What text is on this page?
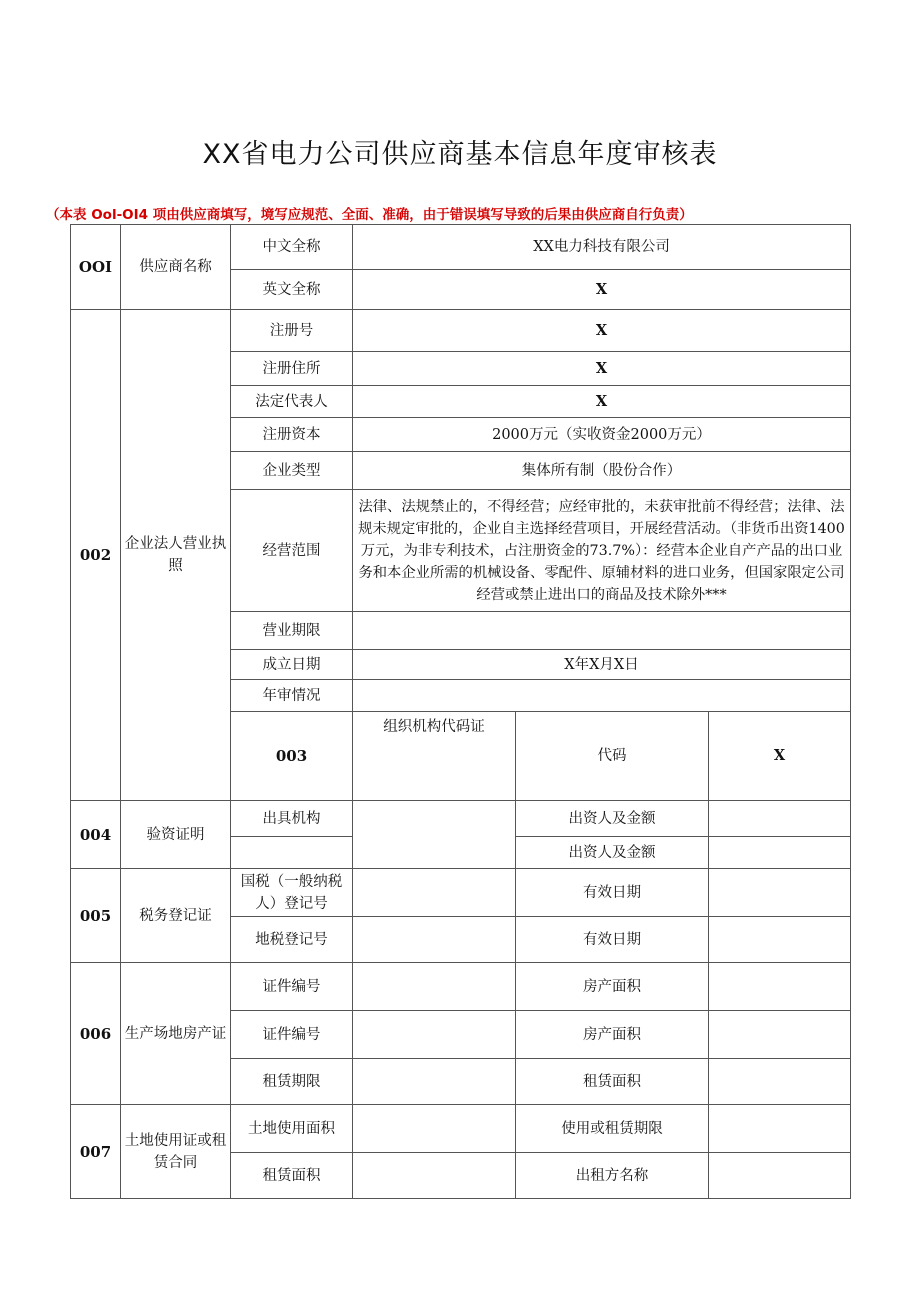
XX省电力公司供应商基本信息年度审核表
（本表 Ool-OI4 项由供应商填写，境写应规范、全面、准确，由于错误填写导致的后果由供应商自行负责）
OOI	供应商名称	中文全称	XX电力科技有限公司			
		英文全称	X			
002	企业法人营业执照	注册号	X			
		注册住所	X			
		法定代表人	X			
		注册资本	2000万元（实收资金2000万元）			
		企业类型	集体所有制（股份合作）			
		经营范围	法律、法规禁止的，不得经营；应经审批的，未获审批前不得经营；法律、法规未规定审批的，企业自主选择经营项目，开展经营活动。（非货币出资1400万元，为非专利技术，占注册资金的73.7%）：经营本企业自产产品的出口业务和本企业所需的机械设备、零配件、原辅材料的进口业务，但国家限定公司经营或禁止进出口的商品及技术除外***			
		营业期限				
		成立日期	X年X月X日			
		年审情况				
		003	组织机构代码证	代码	X		
004	验资证明	出具机构		出资人及金额		
				出资人及金额		
005	税务登记证	国税（一般纳税人）登记号		有效日期		
		地税登记号		有效日期		
006	生产场地房产证	证件编号		房产面积		
		证件编号		房产面积		
		租赁期限		租赁面积		
007	土地使用证或租赁合同	土地使用面积		使用或租赁期限		
		租赁面积		出租方名称		
